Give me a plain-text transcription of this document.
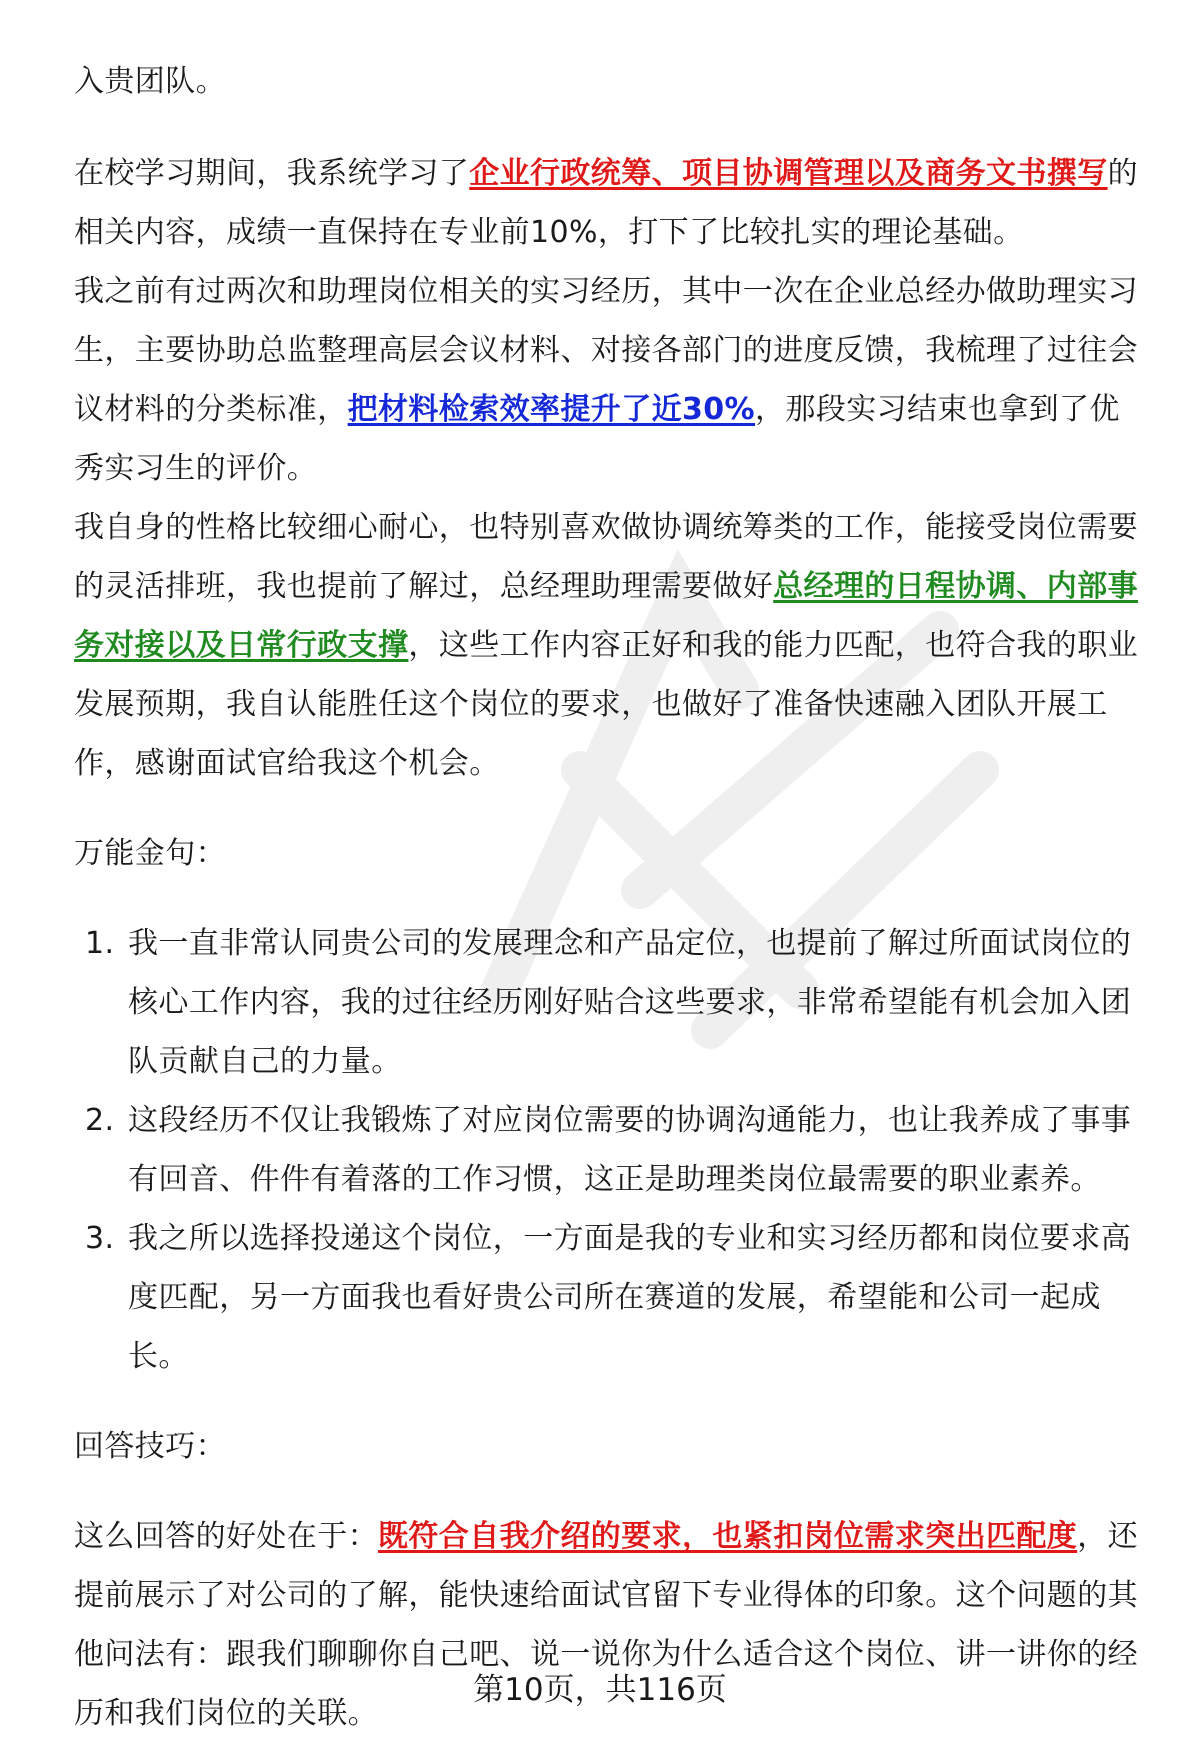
入贵团队。

在校学习期间，我系统学习了企业行政统筹、项目协调管理以及商务文书撰写的相关内容，成绩一直保持在专业前10%，打下了比较扎实的理论基础。

我之前有过两次和助理岗位相关的实习经历，其中一次在企业总经办做助理实习生，主要协助总监整理高层会议材料、对接各部门的进度反馈，我梳理了过往会议材料的分类标准，把材料检索效率提升了近30%，那段实习结束也拿到了优秀实习生的评价。

我自身的性格比较细心耐心，也特别喜欢做协调统筹类的工作，能接受岗位需要的灵活排班，我也提前了解过，总经理助理需要做好总经理的日程协调、内部事务对接以及日常行政支撑，这些工作内容正好和我的能力匹配，也符合我的职业发展预期，我自认能胜任这个岗位的要求，也做好了准备快速融入团队开展工作，感谢面试官给我这个机会。

万能金句：

1. 我一直非常认同贵公司的发展理念和产品定位，也提前了解过所面试岗位的核心工作内容，我的过往经历刚好贴合这些要求，非常希望能有机会加入团队贡献自己的力量。
2. 这段经历不仅让我锻炼了对应岗位需要的协调沟通能力，也让我养成了事事有回音、件件有着落的工作习惯，这正是助理类岗位最需要的职业素养。
3. 我之所以选择投递这个岗位，一方面是我的专业和实习经历都和岗位要求高度匹配，另一方面我也看好贵公司所在赛道的发展，希望能和公司一起成长。

回答技巧：

这么回答的好处在于：既符合自我介绍的要求，也紧扣岗位需求突出匹配度，还提前展示了对公司的了解，能快速给面试官留下专业得体的印象。这个问题的其他问法有：跟我们聊聊你自己吧、说一说你为什么适合这个岗位、讲一讲你的经历和我们岗位的关联。

第10页，共116页
